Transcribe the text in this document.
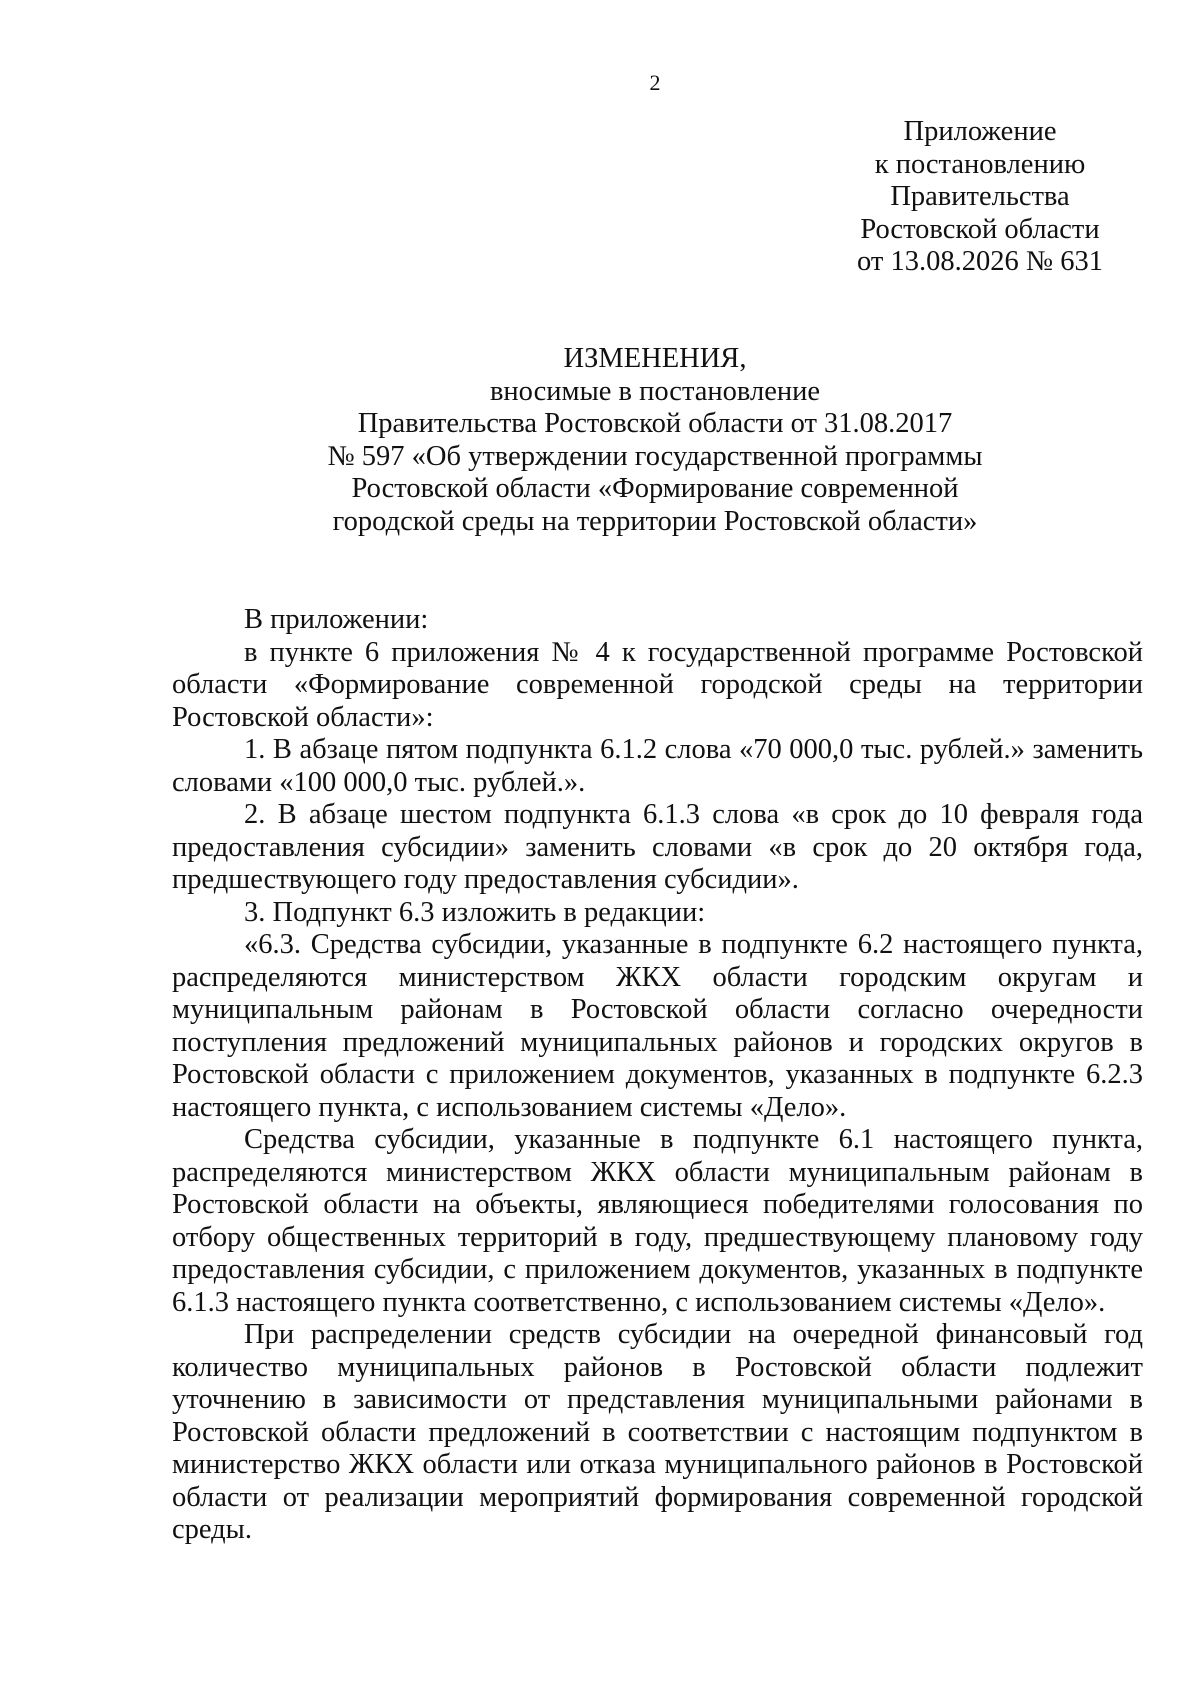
2
Приложение
к постановлению
Правительства
Ростовской области
от 13.08.2026 № 631
ИЗМЕНЕНИЯ,
вносимые в постановление
Правительства Ростовской области от 31.08.2017
№ 597 «Об утверждении государственной программы
Ростовской области «Формирование современной
городской среды на территории Ростовской области»

В приложении:

в пункте 6 приложения № 4 к государственной программе Ростовской области «Формирование современной городской среды на территории Ростовской области»:

1. В абзаце пятом подпункта 6.1.2 слова «70 000,0 тыс. рублей.» заменить словами «100 000,0 тыс. рублей.».

2. В абзаце шестом подпункта 6.1.3 слова «в срок до 10 февраля года предоставления субсидии» заменить словами «в срок до 20 октября года, предшествующего году предоставления субсидии».

3. Подпункт 6.3 изложить в редакции:

«6.3. Средства субсидии, указанные в подпункте 6.2 настоящего пункта, распределяются министерством ЖКХ области городским округам и муниципальным районам в Ростовской области согласно очередности поступления предложений муниципальных районов и городских округов в Ростовской области с приложением документов, указанных в подпункте 6.2.3 настоящего пункта, с использованием системы «Дело».

Средства субсидии, указанные в подпункте 6.1 настоящего пункта, распределяются министерством ЖКХ области муниципальным районам в Ростовской области на объекты, являющиеся победителями голосования по отбору общественных территорий в году, предшествующему плановому году предоставления субсидии, с приложением документов, указанных в подпункте 6.1.3 настоящего пункта соответственно, с использованием системы «Дело».

При распределении средств субсидии на очередной финансовый год количество муниципальных районов в Ростовской области подлежит уточнению в зависимости от представления муниципальными районами в Ростовской области предложений в соответствии с настоящим подпунктом в министерство ЖКХ области или отказа муниципального районов в Ростовской области от реализации мероприятий формирования современной городской среды.
